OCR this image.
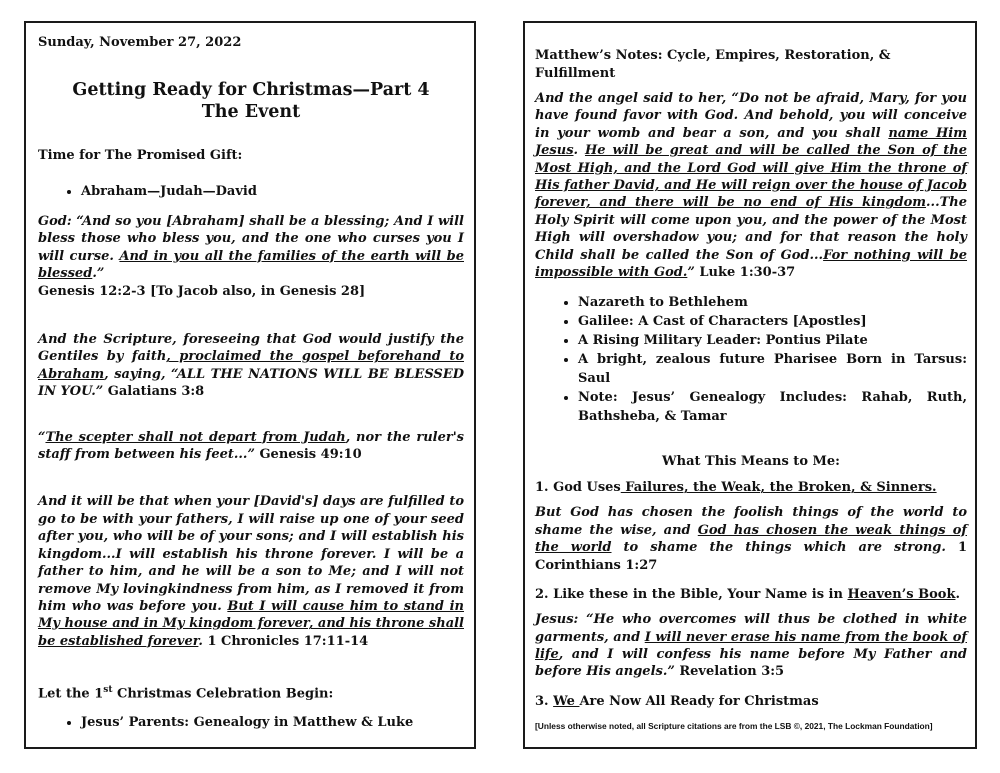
Sunday, November 27, 2022

Getting Ready for Christmas—Part 4

The Event

Time for The Promised Gift:

• Abraham—Judah—David

God: “And so you [Abraham] shall be a blessing; And I will bless those who bless you, and the one who curses you I will curse. And in you all the families of the earth will be blessed.”
Genesis 12:2-3 [To Jacob also, in Genesis 28]

And the Scripture, foreseeing that God would justify the Gentiles by faith, proclaimed the gospel beforehand to Abraham, saying, “ALL THE NATIONS WILL BE BLESSED IN YOU.” Galatians 3:8

“The scepter shall not depart from Judah, nor the ruler's staff from between his feet...” Genesis 49:10

And it will be that when your [David's] days are fulfilled to go to be with your fathers, I will raise up one of your seed after you, who will be of your sons; and I will establish his kingdom...I will establish his throne forever. I will be a father to him, and he will be a son to Me; and I will not remove My lovingkindness from him, as I removed it from him who was before you. But I will cause him to stand in My house and in My kingdom forever, and his throne shall be established forever. 1 Chronicles 17:11-14

Let the 1st Christmas Celebration Begin:

• Jesus’ Parents: Genealogy in Matthew & Luke

Matthew’s Notes: Cycle, Empires, Restoration, & Fulfillment

And the angel said to her, “Do not be afraid, Mary, for you have found favor with God. And behold, you will conceive in your womb and bear a son, and you shall name Him Jesus. He will be great and will be called the Son of the Most High, and the Lord God will give Him the throne of His father David, and He will reign over the house of Jacob forever, and there will be no end of His kingdom...The Holy Spirit will come upon you, and the power of the Most High will overshadow you; and for that reason the holy Child shall be called the Son of God...For nothing will be impossible with God.” Luke 1:30-37

• Nazareth to Bethlehem
• Galilee: A Cast of Characters [Apostles]
• A Rising Military Leader: Pontius Pilate
• A bright, zealous future Pharisee Born in Tarsus: Saul
• Note: Jesus’ Genealogy Includes: Rahab, Ruth, Bathsheba, & Tamar

What This Means to Me:

1. God Uses Failures, the Weak, the Broken, & Sinners.

But God has chosen the foolish things of the world to shame the wise, and God has chosen the weak things of the world to shame the things which are strong. 1 Corinthians 1:27

2. Like these in the Bible, Your Name is in Heaven’s Book.

Jesus: “He who overcomes will thus be clothed in white garments, and I will never erase his name from the book of life, and I will confess his name before My Father and before His angels.” Revelation 3:5

3. We Are Now All Ready for Christmas

[Unless otherwise noted, all Scripture citations are from the LSB ©, 2021, The Lockman Foundation]
